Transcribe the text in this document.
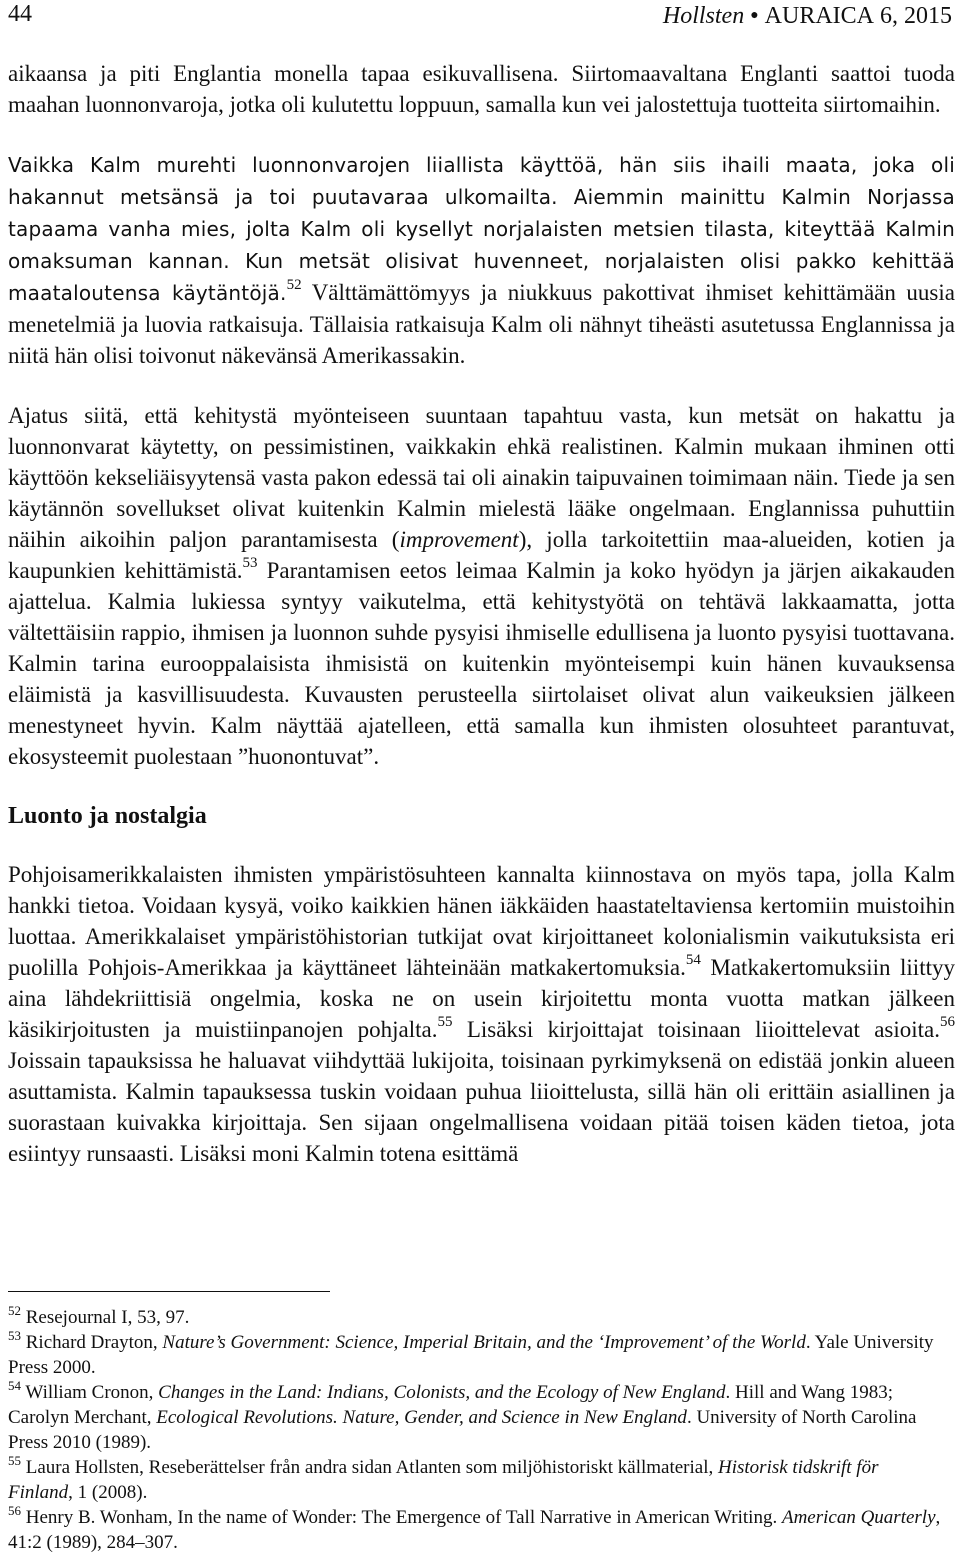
44	Hollsten ● AURAICA 6, 2015

aikaansa ja piti Englantia monella tapaa esikuvallisena. Siirtomaavaltana Englanti saattoi tuoda maahan luonnonvaroja, jotka oli kulutettu loppuun, samalla kun vei jalostettuja tuotteita siirtomaihin.

Vaikka Kalm murehti luonnonvarojen liiallista käyttöä, hän siis ihaili maata, joka oli hakannut metsänsä ja toi puutavaraa ulkomailta. Aiemmin mainittu Kalmin Norjassa tapaama vanha mies, jolta Kalm oli kysellyt norjalaisten metsien tilasta, kiteyttää Kalmin omaksuman kannan. Kun metsät olisivat huvenneet, norjalaisten olisi pakko kehittää maataloutensa käytäntöjä.$^{52}$ Välttämättömyys ja niukkuus pakottivat ihmiset kehittämään uusia menetelmiä ja luovia ratkaisuja. Tällaisia ratkaisuja Kalm oli nähnyt tiheästi asutetussa Englannissa ja niitä hän olisi toivonut näkevänsä Amerikassakin.

Ajatus siitä, että kehitystä myönteiseen suuntaan tapahtuu vasta, kun metsät on hakattu ja luonnonvarat käytetty, on pessimistinen, vaikkakin ehkä realistinen. Kalmin mukaan ihminen otti käyttöön kekseliäisyytensä vasta pakon edessä tai oli ainakin taipuvainen toimimaan näin. Tiede ja sen käytännön sovellukset olivat kuitenkin Kalmin mielestä lääke ongelmaan. Englannissa puhuttiin näihin aikoihin paljon parantamisesta (improvement), jolla tarkoitettiin maa-alueiden, kotien ja kaupunkien kehittämistä.$^{53}$ Parantamisen eetos leimaa Kalmin ja koko hyödyn ja järjen aikakauden ajattelua. Kalmia lukiessa syntyy vaikutelma, että kehitystyötä on tehtävä lakkaamatta, jotta vältettäisiin rappio, ihmisen ja luonnon suhde pysyisi ihmiselle edullisena ja luonto pysyisi tuottavana. Kalmin tarina eurooppalaisista ihmisistä on kuitenkin myönteisempi kuin hänen kuvauksensa eläimistä ja kasvillisuudesta. Kuvausten perusteella siirtolaiset olivat alun vaikeuksien jälkeen menestyneet hyvin. Kalm näyttää ajatelleen, että samalla kun ihmisten olosuhteet parantuvat, ekosysteemit puolestaan ”huonontuvat”.

Luonto ja nostalgia

Pohjoisamerikkalaisten ihmisten ympäristösuhteen kannalta kiinnostava on myös tapa, jolla Kalm hankki tietoa. Voidaan kysyä, voiko kaikkien hänen iäkkäiden haastateltaviensa kertomiin muistoihin luottaa. Amerikkalaiset ympäristöhistorian tutkijat ovat kirjoittaneet kolonialismin vaikutuksista eri puolilla Pohjois-Amerikkaa ja käyttäneet lähteinään matkakertomuksia.$^{54}$ Matkakertomuksiin liittyy aina lähdekriittisiä ongelmia, koska ne on usein kirjoitettu monta vuotta matkan jälkeen käsikirjoitusten ja muistiinpanojen pohjalta.$^{55}$ Lisäksi kirjoittajat toisinaan liioittelevat asioita.$^{56}$ Joissain tapauksissa he haluavat viihdyttää lukijoita, toisinaan pyrkimyksenä on edistää jonkin alueen asuttamista. Kalmin tapauksessa tuskin voidaan puhua liioittelusta, sillä hän oli erittäin asiallinen ja suorastaan kuivakka kirjoittaja. Sen sijaan ongelmallisena voidaan pitää toisen käden tietoa, jota esiintyy runsaasti. Lisäksi moni Kalmin totena esittämä

$^{52}$ Resejournal I, 53, 97.

$^{53}$ Richard Drayton, Nature’s Government: Science, Imperial Britain, and the ‘Improvement’ of the World. Yale University Press 2000.

$^{54}$ William Cronon, Changes in the Land: Indians, Colonists, and the Ecology of New England. Hill and Wang 1983; Carolyn Merchant, Ecological Revolutions. Nature, Gender, and Science in New England. University of North Carolina Press 2010 (1989).

$^{55}$ Laura Hollsten, Reseberättelser från andra sidan Atlanten som miljöhistoriskt källmaterial, Historisk tidskrift för Finland, 1 (2008).

$^{56}$ Henry B. Wonham, In the name of Wonder: The Emergence of Tall Narrative in American Writing. American Quarterly, 41:2 (1989), 284–307.
